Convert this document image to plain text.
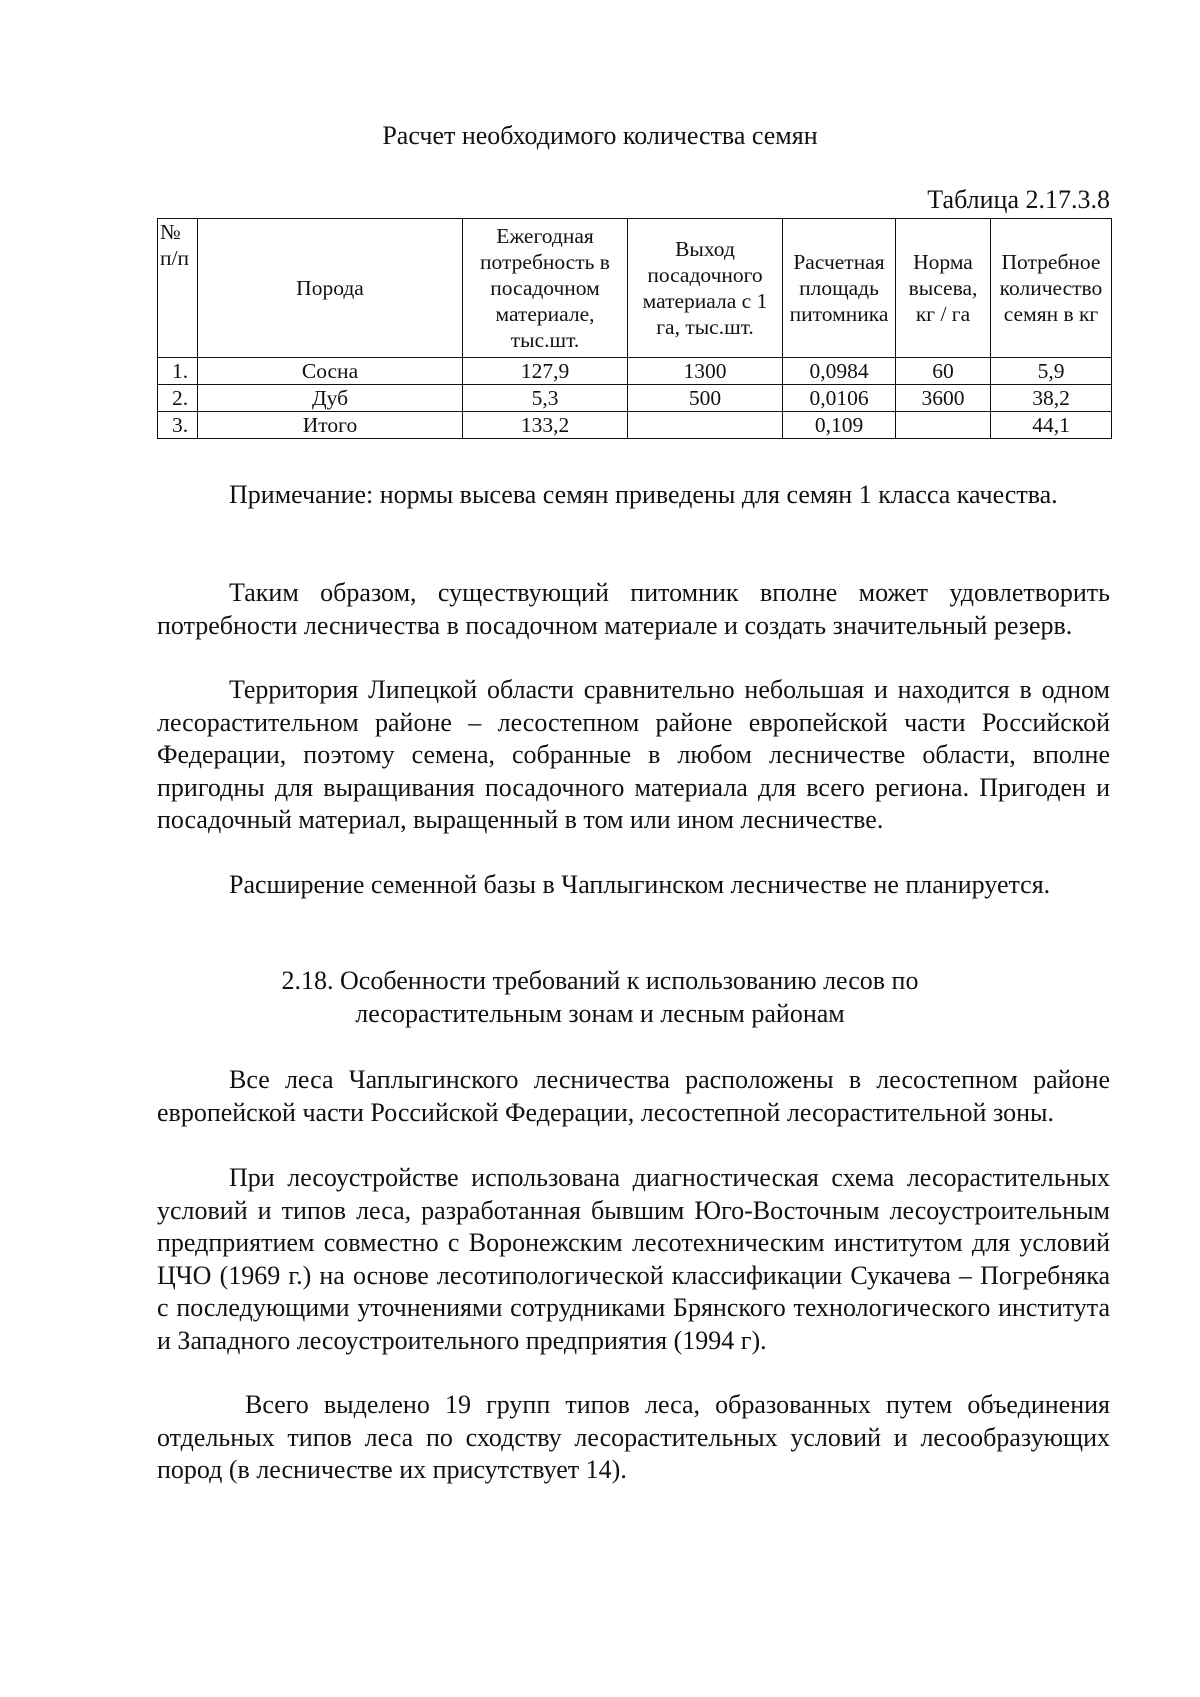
Расчет необходимого количества семян
Таблица 2.17.3.8
№ п/п	Порода	Ежегодная потребность в посадочном материале, тыс.шт.	Выход посадочного материала с 1 га, тыс.шт.	Расчетная площадь питомника	Норма высева, кг / га	Потребное количество семян в кг
1.	Сосна	127,9	1300	0,0984	60	5,9
2.	Дуб	5,3	500	0,0106	3600	38,2
3.	Итого	133,2		0,109		44,1

Примечание: нормы высева семян приведены для семян 1 класса качества.

Таким образом, существующий питомник вполне может удовлетворить потребности лесничества в посадочном материале и создать значительный резерв.

Территория Липецкой области сравнительно небольшая и находится в одном лесорастительном районе – лесостепном районе европейской части Российской Федерации, поэтому семена, собранные в любом лесничестве области, вполне пригодны для выращивания посадочного материала для всего региона. Пригоден и посадочный материал, выращенный в том или ином лесничестве.

Расширение семенной базы в Чаплыгинском лесничестве не планируется.

2.18. Особенности требований к использованию лесов по
лесорастительным зонам и лесным районам

Все леса Чаплыгинского лесничества расположены в лесостепном районе европейской части Российской Федерации, лесостепной лесорастительной зоны.

При лесоустройстве использована диагностическая схема лесорастительных условий и типов леса, разработанная бывшим Юго-Восточным лесоустроительным предприятием совместно с Воронежским лесотехническим институтом для условий ЦЧО (1969 г.) на основе лесотипологической классификации Сукачева – Погребняка с последующими уточнениями сотрудниками Брянского технологического института и Западного лесоустроительного предприятия (1994 г).

Всего выделено 19 групп типов леса, образованных путем объединения отдельных типов леса по сходству лесорастительных условий и лесообразующих пород (в лесничестве их присутствует 14).
